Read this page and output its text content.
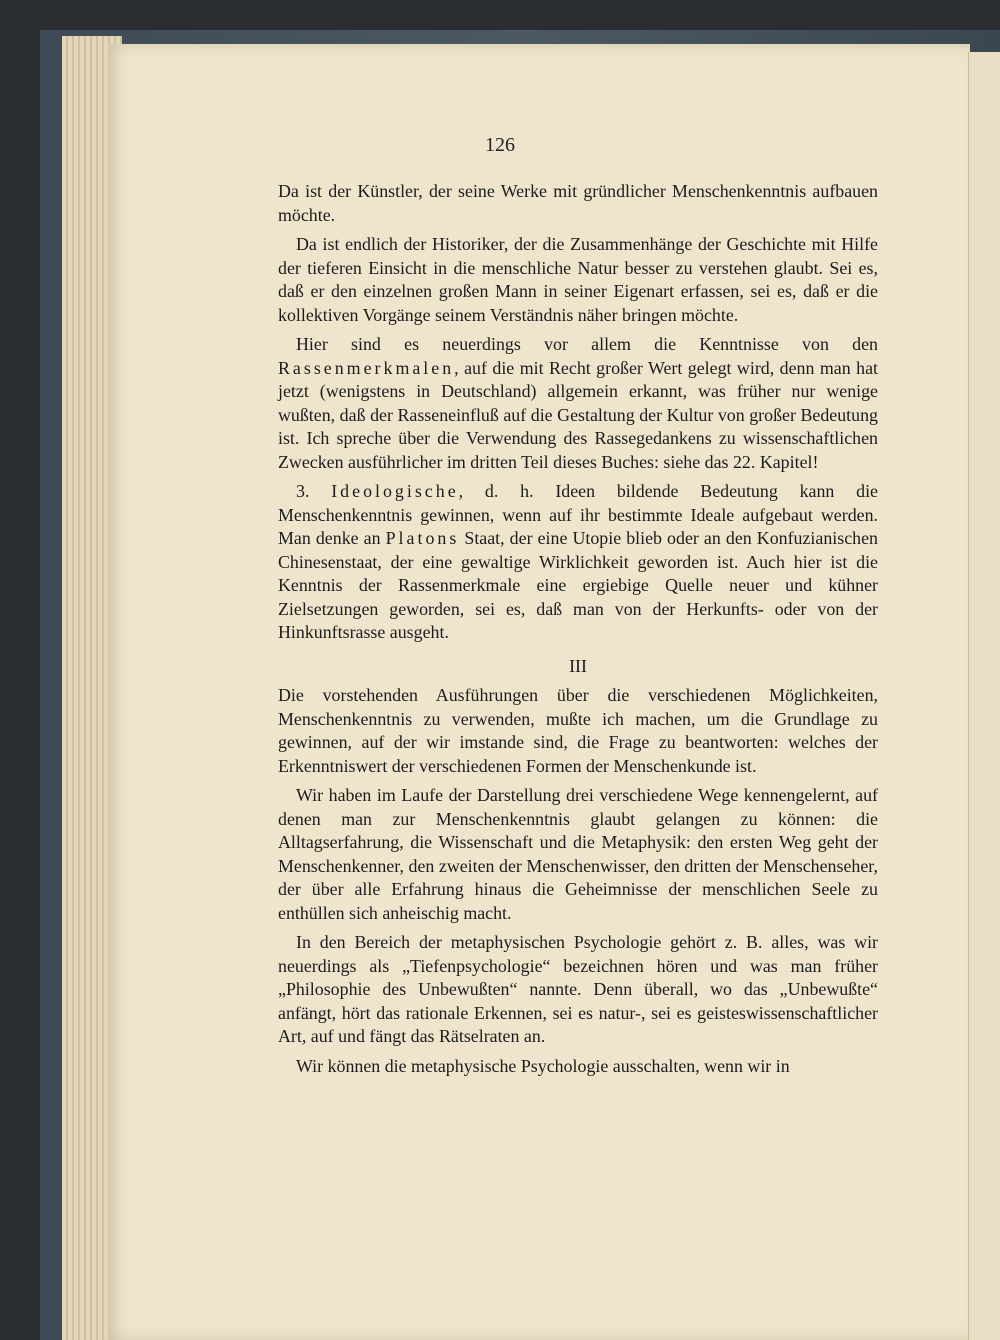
126

Da ist der Künstler, der seine Werke mit gründlicher Menschenkenntnis aufbauen möchte.

Da ist endlich der Historiker, der die Zusammenhänge der Geschichte mit Hilfe der tieferen Einsicht in die menschliche Natur besser zu verstehen glaubt. Sei es, daß er den einzelnen großen Mann in seiner Eigenart erfassen, sei es, daß er die kollektiven Vorgänge seinem Verständnis näher bringen möchte.

Hier sind es neuerdings vor allem die Kenntnisse von den Rassenmerkmalen, auf die mit Recht großer Wert gelegt wird, denn man hat jetzt (wenigstens in Deutschland) allgemein erkannt, was früher nur wenige wußten, daß der Rasseneinfluß auf die Gestaltung der Kultur von großer Bedeutung ist. Ich spreche über die Verwendung des Rassegedankens zu wissenschaftlichen Zwecken ausführlicher im dritten Teil dieses Buches: siehe das 22. Kapitel!

3. Ideologische, d. h. Ideen bildende Bedeutung kann die Menschenkenntnis gewinnen, wenn auf ihr bestimmte Ideale aufgebaut werden. Man denke an Platons Staat, der eine Utopie blieb oder an den Konfuzianischen Chinesenstaat, der eine gewaltige Wirklichkeit geworden ist. Auch hier ist die Kenntnis der Rassenmerkmale eine ergiebige Quelle neuer und kühner Zielsetzungen geworden, sei es, daß man von der Herkunfts- oder von der Hinkunftsrasse ausgeht.

III

Die vorstehenden Ausführungen über die verschiedenen Möglichkeiten, Menschenkenntnis zu verwenden, mußte ich machen, um die Grundlage zu gewinnen, auf der wir imstande sind, die Frage zu beantworten: welches der Erkenntniswert der verschiedenen Formen der Menschenkunde ist.

Wir haben im Laufe der Darstellung drei verschiedene Wege kennengelernt, auf denen man zur Menschenkenntnis glaubt gelangen zu können: die Alltagserfahrung, die Wissenschaft und die Metaphysik: den ersten Weg geht der Menschenkenner, den zweiten der Menschenwisser, den dritten der Menschenseher, der über alle Erfahrung hinaus die Geheimnisse der menschlichen Seele zu enthüllen sich anheischig macht.

In den Bereich der metaphysischen Psychologie gehört z. B. alles, was wir neuerdings als „Tiefenpsychologie“ bezeichnen hören und was man früher „Philosophie des Unbewußten“ nannte. Denn überall, wo das „Unbewußte“ anfängt, hört das rationale Erkennen, sei es natur-, sei es geisteswissenschaftlicher Art, auf und fängt das Rätselraten an.

Wir können die metaphysische Psychologie ausschalten, wenn wir in
